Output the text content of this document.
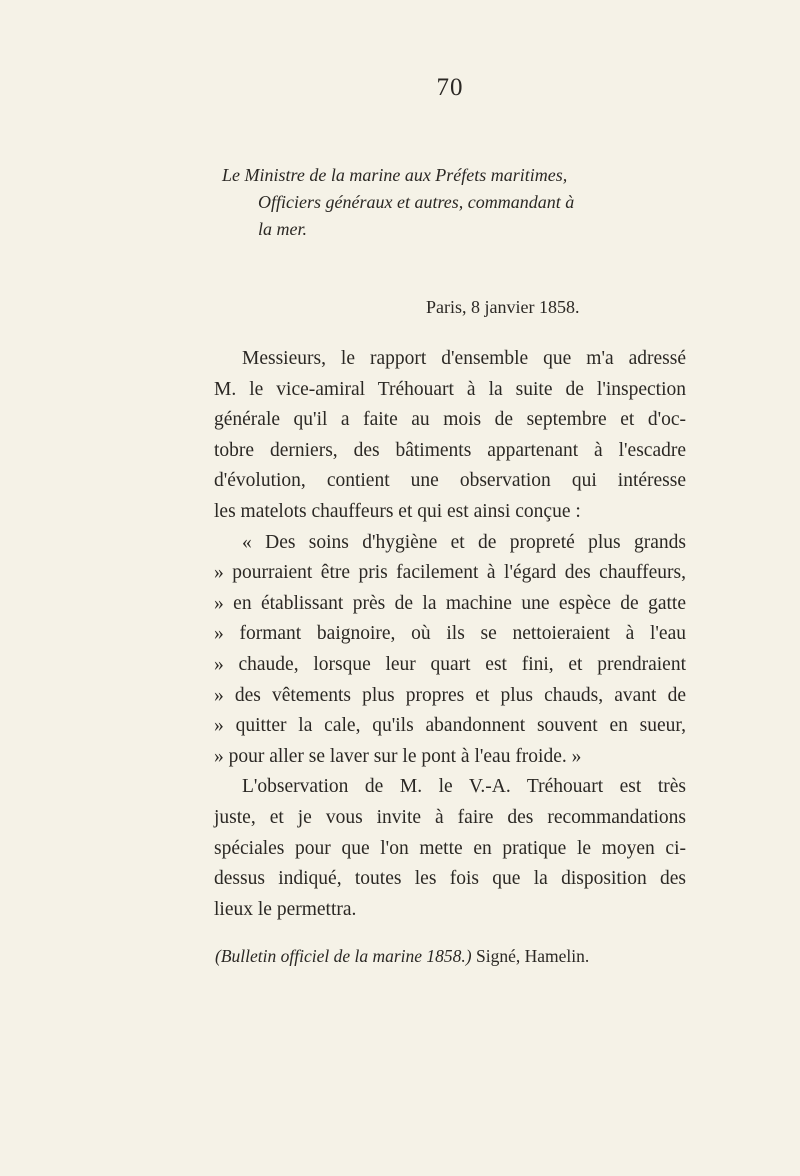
70
Le Ministre de la marine aux Préfets maritimes,
Officiers généraux et autres, commandant à
la mer.
Paris, 8 janvier 1858.
Messieurs, le rapport d'ensemble que m'a adressé
M. le vice-amiral Tréhouart à la suite de l'inspection
générale qu'il a faite au mois de septembre et d'oc-
tobre derniers, des bâtiments appartenant à l'escadre
d'évolution, contient une observation qui intéresse
les matelots chauffeurs et qui est ainsi conçue :
« Des soins d'hygiène et de propreté plus grands
» pourraient être pris facilement à l'égard des chauffeurs,
» en établissant près de la machine une espèce de gatte
» formant baignoire, où ils se nettoieraient à l'eau
» chaude, lorsque leur quart est fini, et prendraient
» des vêtements plus propres et plus chauds, avant de
» quitter la cale, qu'ils abandonnent souvent en sueur,
» pour aller se laver sur le pont à l'eau froide. »
L'observation de M. le V.-A. Tréhouart est très
juste, et je vous invite à faire des recommandations
spéciales pour que l'on mette en pratique le moyen ci-
dessus indiqué, toutes les fois que la disposition des
lieux le permettra.
(Bulletin officiel de la marine 1858.) Signé, Hamelin.
